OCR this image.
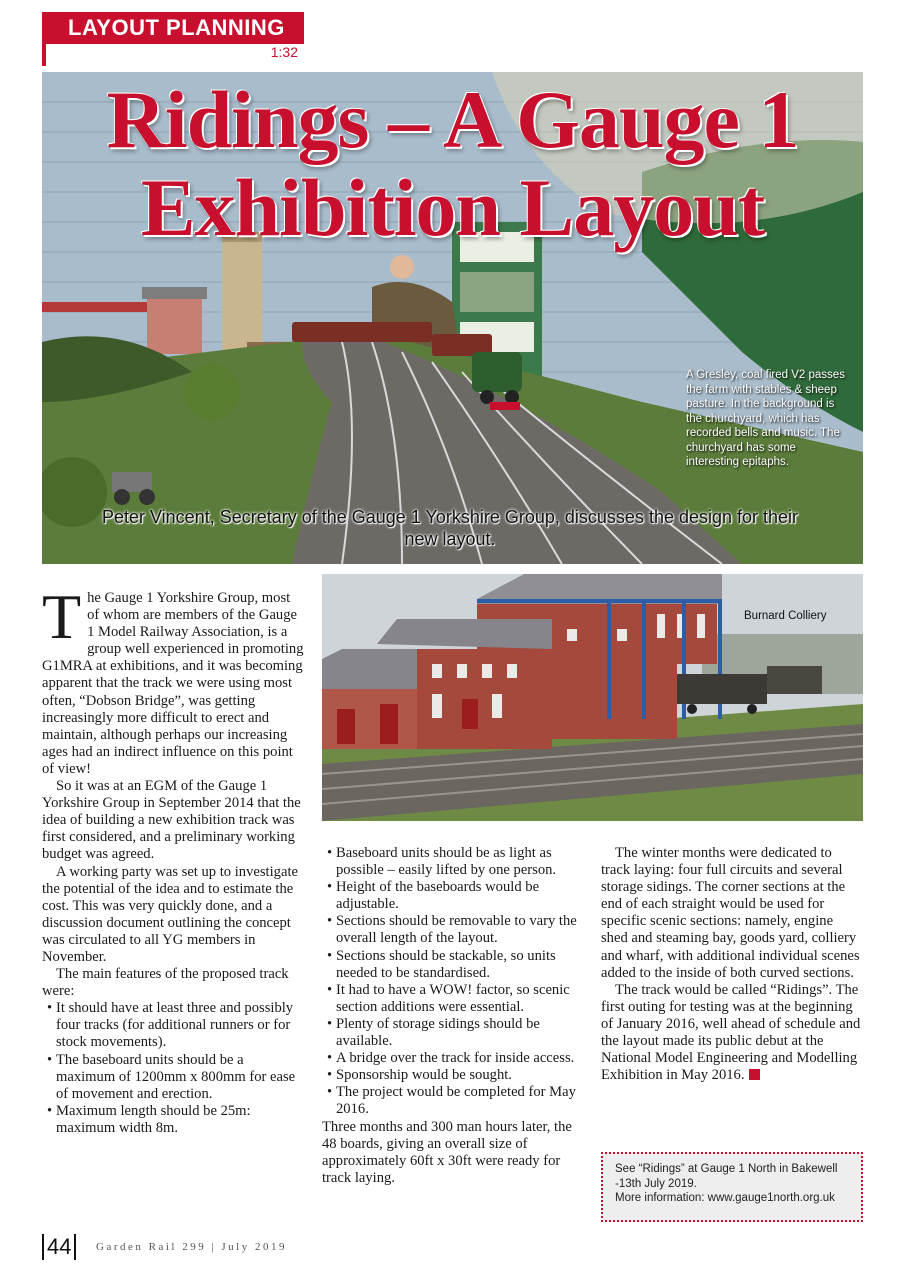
LAYOUT PLANNING
1:32
Ridings – A Gauge 1 Exhibition Layout
A Gresley, coal fired V2 passes the farm with stables & sheep pasture. In the background is the churchyard, which has recorded bells and music. The churchyard has some interesting epitaphs.
Peter Vincent, Secretary of the Gauge 1 Yorkshire Group, discusses the design for their new layout.
Burnard Colliery

The Gauge 1 Yorkshire Group, most of whom are members of the Gauge 1 Model Railway Association, is a group well experienced in promoting G1MRA at exhibitions, and it was becoming apparent that the track we were using most often, “Dobson Bridge”, was getting increasingly more difficult to erect and maintain, although perhaps our increasing ages had an indirect influence on this point of view!

So it was at an EGM of the Gauge 1 Yorkshire Group in September 2014 that the idea of building a new exhibition track was first considered, and a preliminary working budget was agreed.

A working party was set up to investigate the potential of the idea and to estimate the cost. This was very quickly done, and a discussion document outlining the concept was circulated to all YG members in November.

The main features of the proposed track were:

• It should have at least three and possibly four tracks (for additional runners or for stock movements).
• The baseboard units should be a maximum of 1200mm x 800mm for ease of movement and erection.
• Maximum length should be 25m: maximum width 8m.
• Baseboard units should be as light as possible – easily lifted by one person.
• Height of the baseboards would be adjustable.
• Sections should be removable to vary the overall length of the layout.
• Sections should be stackable, so units needed to be standardised.
• It had to have a WOW! factor, so scenic section additions were essential.
• Plenty of storage sidings should be available.
• A bridge over the track for inside access.
• Sponsorship would be sought.
• The project would be completed for May 2016.

Three months and 300 man hours later, the 48 boards, giving an overall size of approximately 60ft x 30ft were ready for track laying.

The winter months were dedicated to track laying: four full circuits and several storage sidings. The corner sections at the end of each straight would be used for specific scenic sections: namely, engine shed and steaming bay, goods yard, colliery and wharf, with additional individual scenes added to the inside of both curved sections.

The track would be called “Ridings”. The first outing for testing was at the beginning of January 2016, well ahead of schedule and the layout made its public debut at the National Model Engineering and Modelling Exhibition in May 2016.

See “Ridings” at Gauge 1 North in Bakewell -13th July 2019.
More information: www.gauge1north.org.uk
44	Garden Rail 299 | July 2019
